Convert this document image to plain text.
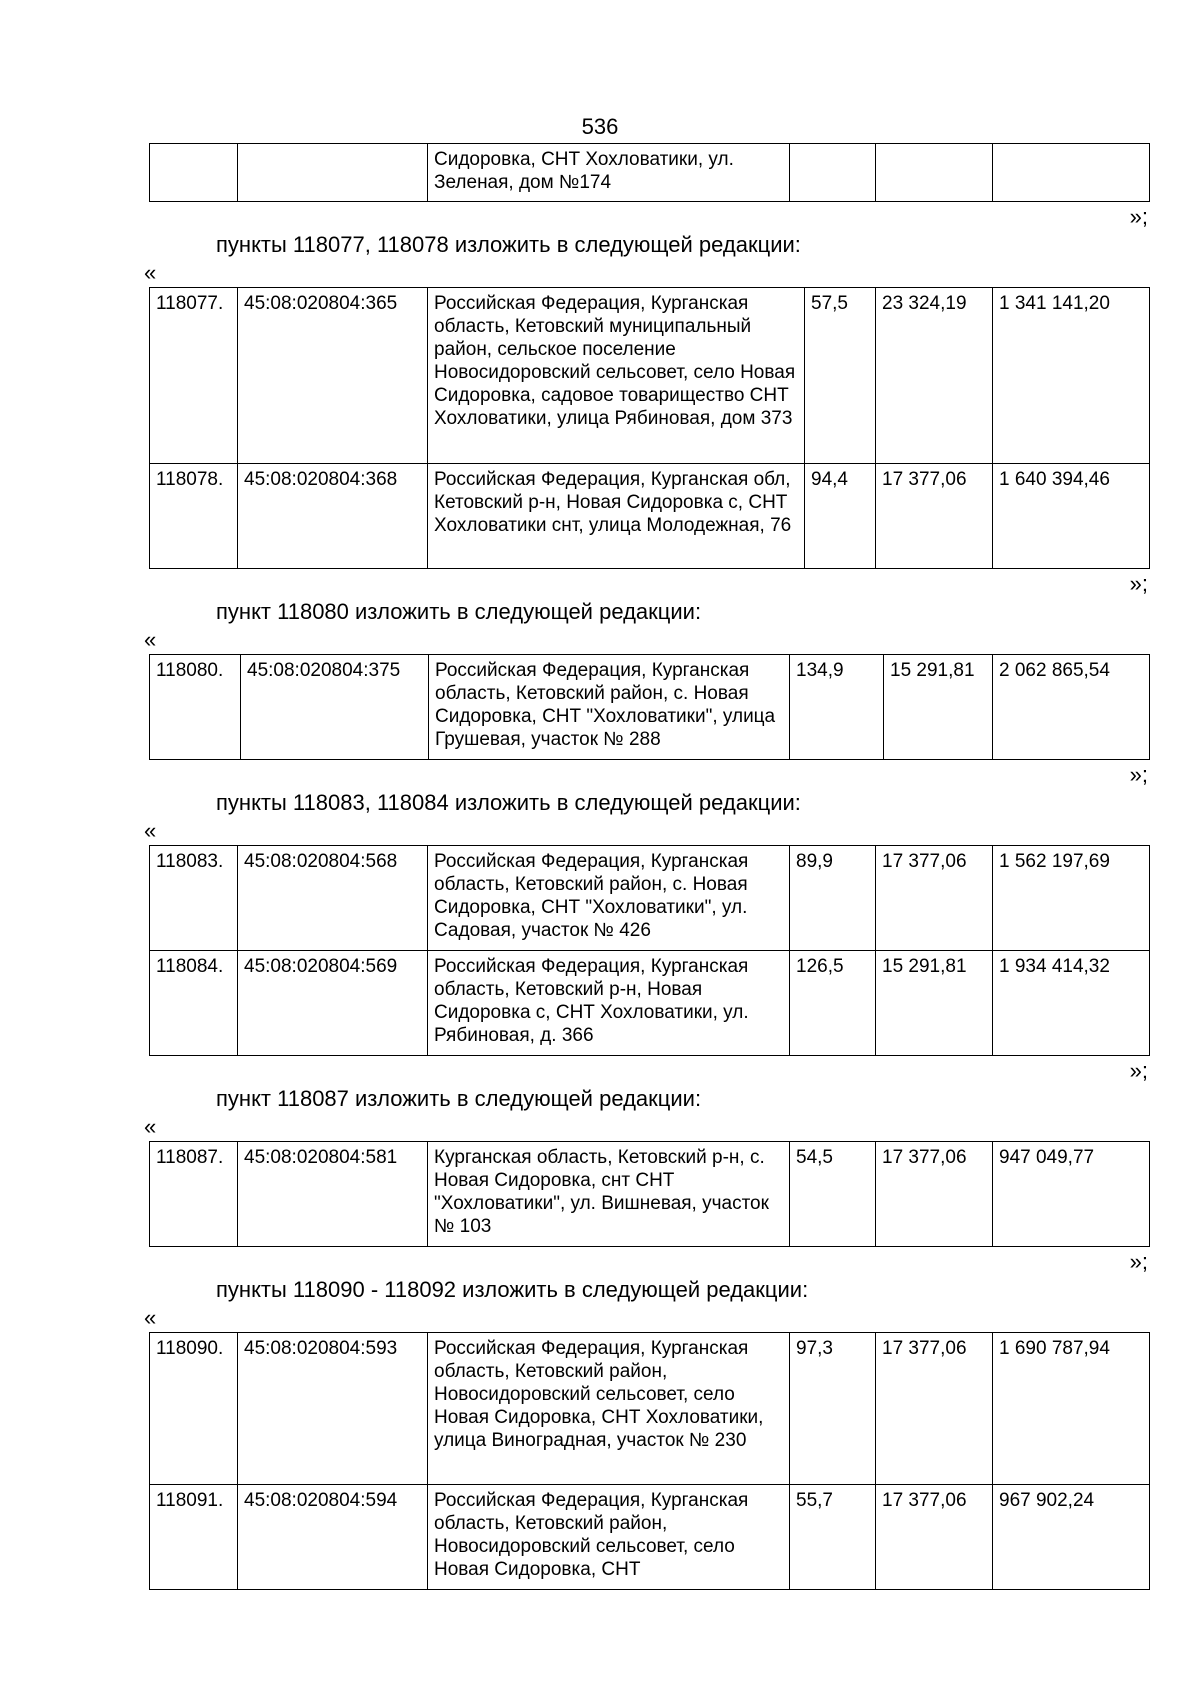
536
		Сидоровка, СНТ Хохловатики, ул. Зеленая, дом №174			
»;
пункты 118077, 118078 изложить в следующей редакции:
«
118077.	45:08:020804:365	Российская Федерация, Курганская область, Кетовский муниципальный район, сельское поселение Новосидоровский сельсовет, село Новая Сидоровка, садовое товарищество СНТ Хохловатики, улица Рябиновая, дом 373	57,5	23 324,19	1 341 141,20
118078.	45:08:020804:368	Российская Федерация, Курганская обл, Кетовский р-н, Новая Сидоровка с, СНТ Хохловатики снт, улица Молодежная, 76	94,4	17 377,06	1 640 394,46
»;
пункт 118080 изложить в следующей редакции:
«
118080.	45:08:020804:375	Российская Федерация, Курганская область, Кетовский район, с. Новая Сидоровка, СНТ "Хохловатики", улица Грушевая, участок № 288	134,9	15 291,81	2 062 865,54
»;
пункты 118083, 118084 изложить в следующей редакции:
«
118083.	45:08:020804:568	Российская Федерация, Курганская область, Кетовский район, с. Новая Сидоровка, СНТ "Хохловатики", ул. Садовая, участок № 426	89,9	17 377,06	1 562 197,69
118084.	45:08:020804:569	Российская Федерация, Курганская область, Кетовский р-н, Новая Сидоровка с, СНТ Хохловатики, ул. Рябиновая, д. 366	126,5	15 291,81	1 934 414,32
»;
пункт 118087 изложить в следующей редакции:
«
118087.	45:08:020804:581	Курганская область, Кетовский р-н, с. Новая Сидоровка, снт СНТ "Хохловатики", ул. Вишневая, участок № 103	54,5	17 377,06	947 049,77
»;
пункты 118090 - 118092 изложить в следующей редакции:
«
118090.	45:08:020804:593	Российская Федерация, Курганская область, Кетовский район, Новосидоровский сельсовет, село Новая Сидоровка, СНТ Хохловатики, улица Виноградная, участок № 230	97,3	17 377,06	1 690 787,94
118091.	45:08:020804:594	Российская Федерация, Курганская область, Кетовский район, Новосидоровский сельсовет, село Новая Сидоровка, СНТ	55,7	17 377,06	967 902,24
